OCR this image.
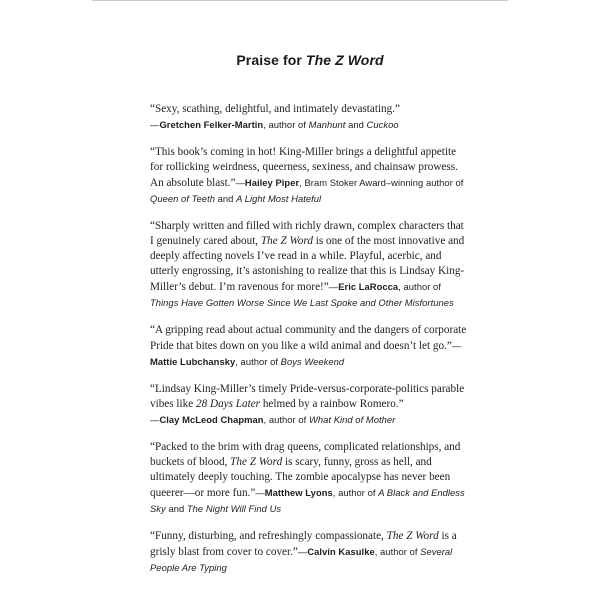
Praise for The Z Word

“Sexy, scathing, delightful, and intimately devastating.”
—Gretchen Felker-Martin, author of Manhunt and Cuckoo

“This book’s coming in hot! King-Miller brings a delightful appetite for rollicking weirdness, queerness, sexiness, and chainsaw prowess. An absolute blast.”—Hailey Piper, Bram Stoker Award–winning author of Queen of Teeth and A Light Most Hateful

“Sharply written and filled with richly drawn, complex characters that I genuinely cared about, The Z Word is one of the most innovative and deeply affecting novels I’ve read in a while. Playful, acerbic, and utterly engrossing, it’s astonishing to realize that this is Lindsay King-Miller’s debut. I’m ravenous for more!”—Eric LaRocca, author of Things Have Gotten Worse Since We Last Spoke and Other Misfortunes

“A gripping read about actual community and the dangers of corporate Pride that bites down on you like a wild animal and doesn’t let go.”—Mattie Lubchansky, author of Boys Weekend

“Lindsay King-Miller’s timely Pride-versus-corporate-politics parable vibes like 28 Days Later helmed by a rainbow Romero.”
—Clay McLeod Chapman, author of What Kind of Mother

“Packed to the brim with drag queens, complicated relationships, and buckets of blood, The Z Word is scary, funny, gross as hell, and ultimately deeply touching. The zombie apocalypse has never been queerer—or more fun.”—Matthew Lyons, author of A Black and Endless Sky and The Night Will Find Us

“Funny, disturbing, and refreshingly compassionate, The Z Word is a grisly blast from cover to cover.”—Calvin Kasulke, author of Several People Are Typing
